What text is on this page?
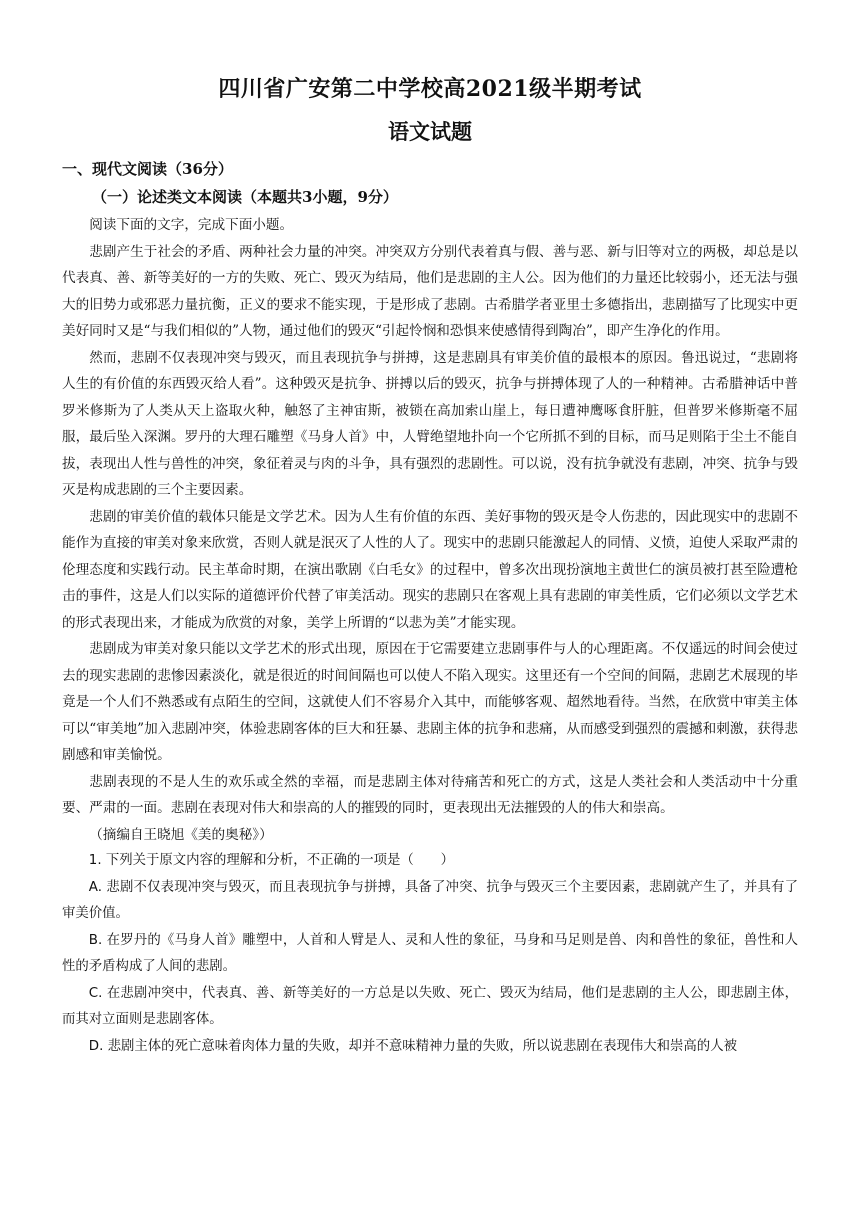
四川省广安第二中学校高2021级半期考试
语文试题
一、现代文阅读（36分）
（一）论述类文本阅读（本题共3小题，9分）

阅读下面的文字，完成下面小题。

悲剧产生于社会的矛盾、两种社会力量的冲突。冲突双方分别代表着真与假、善与恶、新与旧等对立的两极，却总是以代表真、善、新等美好的一方的失败、死亡、毁灭为结局，他们是悲剧的主人公。因为他们的力量还比较弱小，还无法与强大的旧势力或邪恶力量抗衡，正义的要求不能实现，于是形成了悲剧。古希腊学者亚里士多德指出，悲剧描写了比现实中更美好同时又是“与我们相似的”人物，通过他们的毁灭“引起怜悯和恐惧来使感情得到陶冶”，即产生净化的作用。

然而，悲剧不仅表现冲突与毁灭，而且表现抗争与拼搏，这是悲剧具有审美价值的最根本的原因。鲁迅说过，“悲剧将人生的有价值的东西毁灭给人看”。这种毁灭是抗争、拼搏以后的毁灭，抗争与拼搏体现了人的一种精神。古希腊神话中普罗米修斯为了人类从天上盗取火种，触怒了主神宙斯，被锁在高加索山崖上，每日遭神鹰啄食肝脏，但普罗米修斯毫不屈服，最后坠入深渊。罗丹的大理石雕塑《马身人首》中，人臂绝望地扑向一个它所抓不到的目标，而马足则陷于尘土不能自拔，表现出人性与兽性的冲突，象征着灵与肉的斗争，具有强烈的悲剧性。可以说，没有抗争就没有悲剧，冲突、抗争与毁灭是构成悲剧的三个主要因素。

悲剧的审美价值的载体只能是文学艺术。因为人生有价值的东西、美好事物的毁灭是令人伤悲的，因此现实中的悲剧不能作为直接的审美对象来欣赏，否则人就是泯灭了人性的人了。现实中的悲剧只能激起人的同情、义愤，迫使人采取严肃的伦理态度和实践行动。民主革命时期，在演出歌剧《白毛女》的过程中，曾多次出现扮演地主黄世仁的演员被打甚至险遭枪击的事件，这是人们以实际的道德评价代替了审美活动。现实的悲剧只在客观上具有悲剧的审美性质，它们必须以文学艺术的形式表现出来，才能成为欣赏的对象，美学上所谓的“以悲为美”才能实现。

悲剧成为审美对象只能以文学艺术的形式出现，原因在于它需要建立悲剧事件与人的心理距离。不仅遥远的时间会使过去的现实悲剧的悲惨因素淡化，就是很近的时间间隔也可以使人不陷入现实。这里还有一个空间的间隔，悲剧艺术展现的毕竟是一个人们不熟悉或有点陌生的空间，这就使人们不容易介入其中，而能够客观、超然地看待。当然，在欣赏中审美主体可以“审美地”加入悲剧冲突，体验悲剧客体的巨大和狂暴、悲剧主体的抗争和悲痛，从而感受到强烈的震撼和刺激，获得悲剧感和审美愉悦。

悲剧表现的不是人生的欢乐或全然的幸福，而是悲剧主体对待痛苦和死亡的方式，这是人类社会和人类活动中十分重要、严肃的一面。悲剧在表现对伟大和崇高的人的摧毁的同时，更表现出无法摧毁的人的伟大和崇高。

（摘编自王晓旭《美的奥秘》）

1. 下列关于原文内容的理解和分析，不正确的一项是（　　）

A. 悲剧不仅表现冲突与毁灭，而且表现抗争与拼搏，具备了冲突、抗争与毁灭三个主要因素，悲剧就产生了，并具有了审美价值。

B. 在罗丹的《马身人首》雕塑中，人首和人臂是人、灵和人性的象征，马身和马足则是兽、肉和兽性的象征，兽性和人性的矛盾构成了人间的悲剧。

C. 在悲剧冲突中，代表真、善、新等美好的一方总是以失败、死亡、毁灭为结局，他们是悲剧的主人公，即悲剧主体，而其对立面则是悲剧客体。

D. 悲剧主体的死亡意味着肉体力量的失败，却并不意味精神力量的失败，所以说悲剧在表现伟大和崇高的人被
